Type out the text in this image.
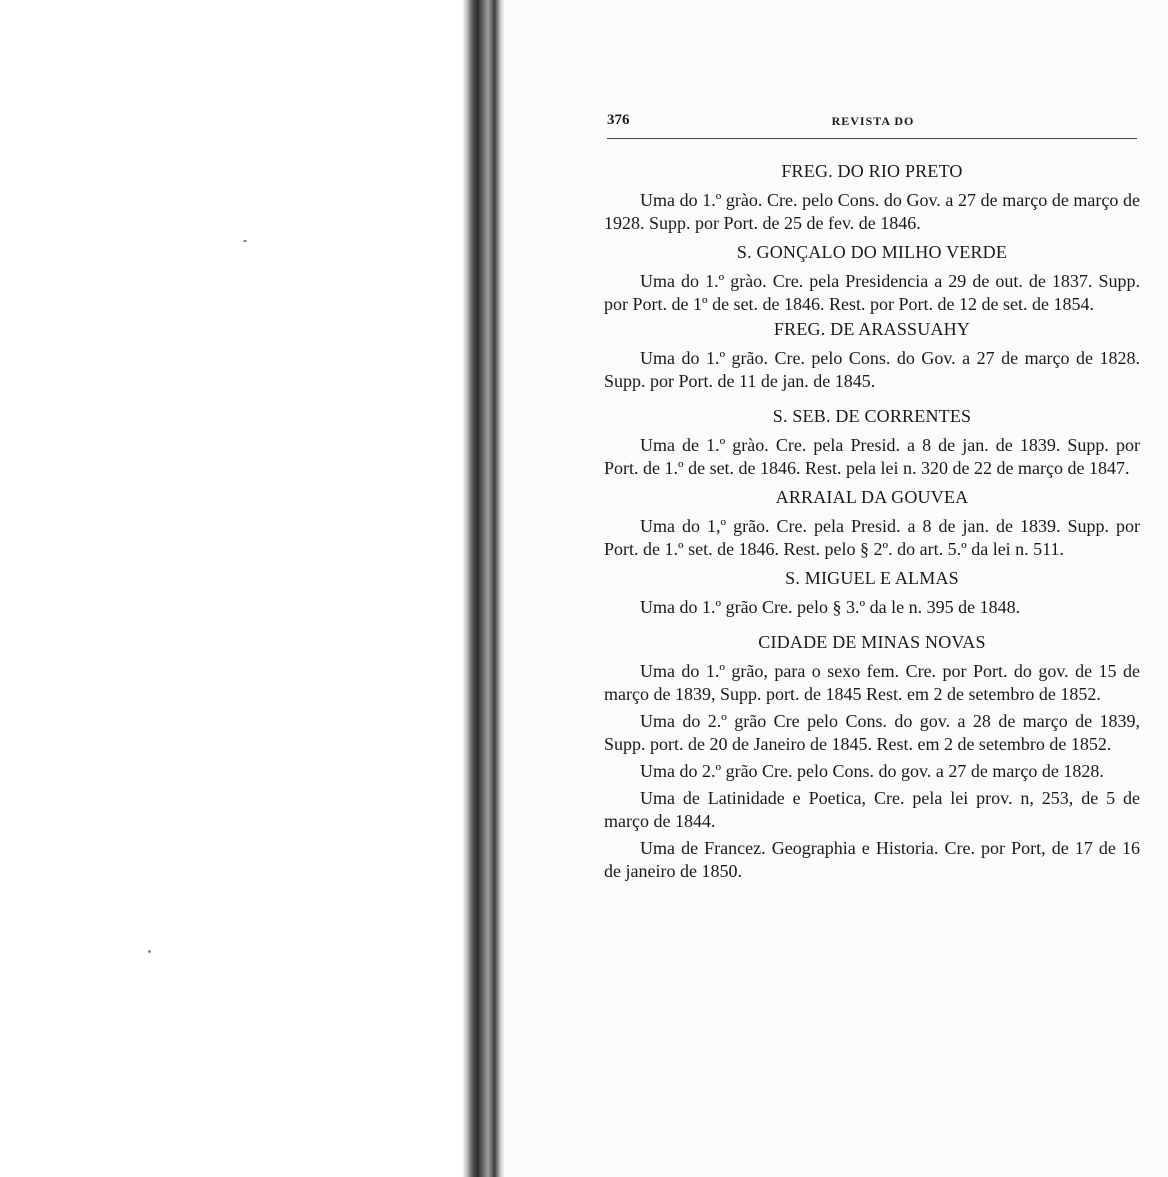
376	REVISTA DO
FREG. DO RIO PRETO

Uma do 1.º grào. Cre. pelo Cons. do Gov. a 27 de março de março de 1928. Supp. por Port. de 25 de fev. de 1846.

S. GONÇALO DO MILHO VERDE

Uma do 1.º grào. Cre. pela Presidencia a 29 de out. de 1837. Supp. por Port. de 1º de set. de 1846. Rest. por Port. de 12 de set. de 1854.

FREG. DE ARASSUAHY

Uma do 1.º grão. Cre. pelo Cons. do Gov. a 27 de março de 1828. Supp. por Port. de 11 de jan. de 1845.

S. SEB. DE CORRENTES

Uma de 1.º grào. Cre. pela Presid. a 8 de jan. de 1839. Supp. por Port. de 1.º de set. de 1846. Rest. pela lei n. 320 de 22 de março de 1847.

ARRAIAL DA GOUVEA

Uma do 1,º grão. Cre. pela Presid. a 8 de jan. de 1839. Supp. por Port. de 1.º set. de 1846. Rest. pelo § 2º. do art. 5.º da lei n. 511.

S. MIGUEL E ALMAS

Uma do 1.º grão Cre. pelo § 3.º da le n. 395 de 1848.

CIDADE DE MINAS NOVAS

Uma do 1.º grão, para o sexo fem. Cre. por Port. do gov. de 15 de março de 1839, Supp. port. de 1845 Rest. em 2 de setembro de 1852.

Uma do 2.º grão Cre pelo Cons. do gov. a 28 de março de 1839, Supp. port. de 20 de Janeiro de 1845. Rest. em 2 de setembro de 1852.

Uma do 2.º grão Cre. pelo Cons. do gov. a 27 de março de 1828.

Uma de Latinidade e Poetica, Cre. pela lei prov. n, 253, de 5 de março de 1844.

Uma de Francez. Geographia e Historia. Cre. por Port, de 17 de 16 de janeiro de 1850.
